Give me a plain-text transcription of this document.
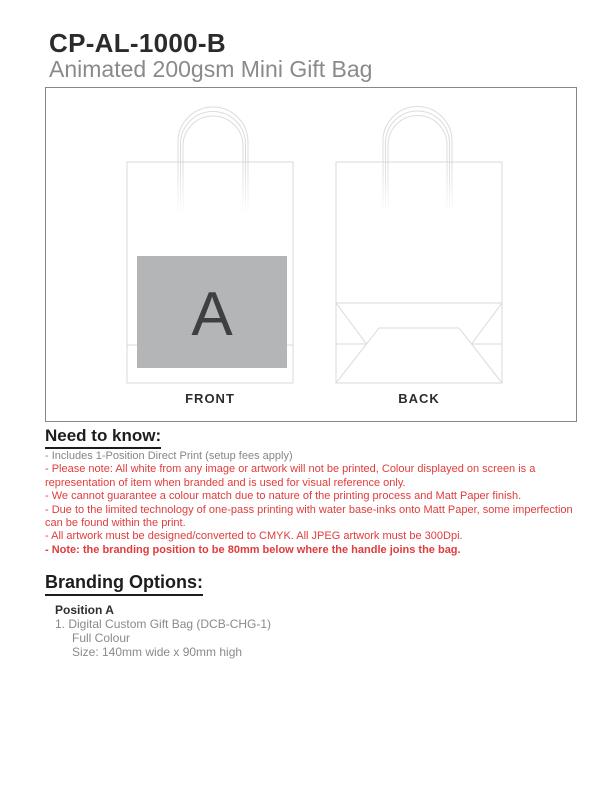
CP-AL-1000-B
Animated 200gsm Mini Gift Bag
A
FRONT	BACK
Need to know:

- Includes 1-Position Direct Print (setup fees apply)

- Please note: All white from any image or artwork will not be printed, Colour displayed on screen is a representation of item when branded and is used for visual reference only.

- We cannot guarantee a colour match due to nature of the printing process and Matt Paper finish.

- Due to the limited technology of one-pass printing with water base-inks onto Matt Paper, some imperfection can be found within the print.

- All artwork must be designed/converted to CMYK. All JPEG artwork must be 300Dpi.

- Note: the branding position to be 80mm below where the handle joins the bag.

Branding Options:

Position A

1. Digital Custom Gift Bag (DCB-CHG-1)

Full Colour

Size: 140mm wide x 90mm high
